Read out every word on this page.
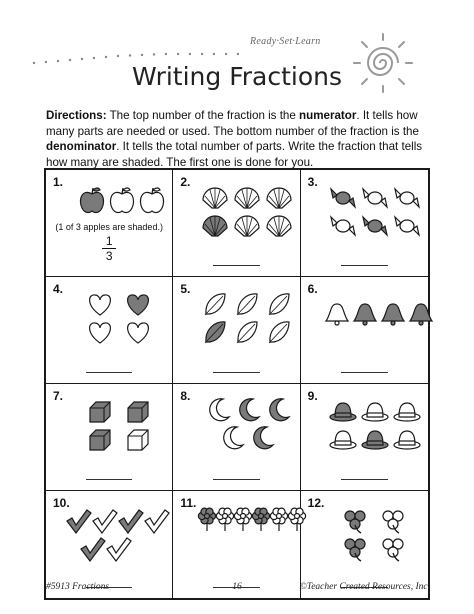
Ready·Set·Learn
Writing Fractions
Directions: The top number of the fraction is the numerator. It tells how many parts are needed or used. The bottom number of the fraction is the denominator. It tells the total number of parts. Write the fraction that tells how many are shaded. The first one is done for you.
1.
(1 of 3 apples are shaded.)
1
3
2.	3.
4.	5.	6.
7.	8.	9.
10.	11.	12.
#5913 Fractions	16	©Teacher Created Resources, Inc.
